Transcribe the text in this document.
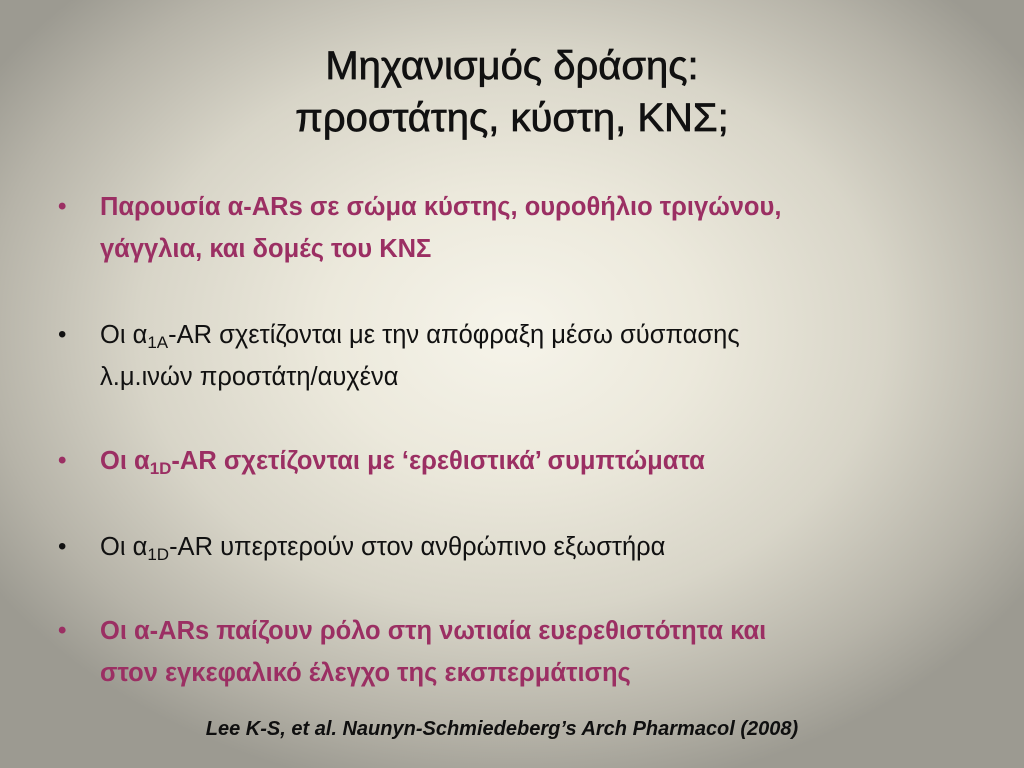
Μηχανισμός δράσης:
προστάτης, κύστη, ΚΝΣ;
•	Παρουσία α-ARs σε σώμα κύστης, ουροθήλιο τριγώνου,
γάγγλια, και δομές του ΚΝΣ
•	Οι $\alpha_{1A}-AR$ σχετίζονται με την απόφραξη μέσω σύσπασης
λ.μ.ινών προστάτη/αυχένα
•	Οι $\alpha_{1D}-AR$ σχετίζονται με ‘ερεθιστικά’ συμπτώματα
•	Οι $\alpha_{1D}-AR$ υπερτερούν στον ανθρώπινο εξωστήρα
•	Οι α-ARs παίζουν ρόλο στη νωτιαία ευερεθιστότητα και
στον εγκεφαλικό έλεγχο της εκσπερμάτισης
Lee K-S, et al. Naunyn-Schmiedeberg’s Arch Pharmacol (2008)
